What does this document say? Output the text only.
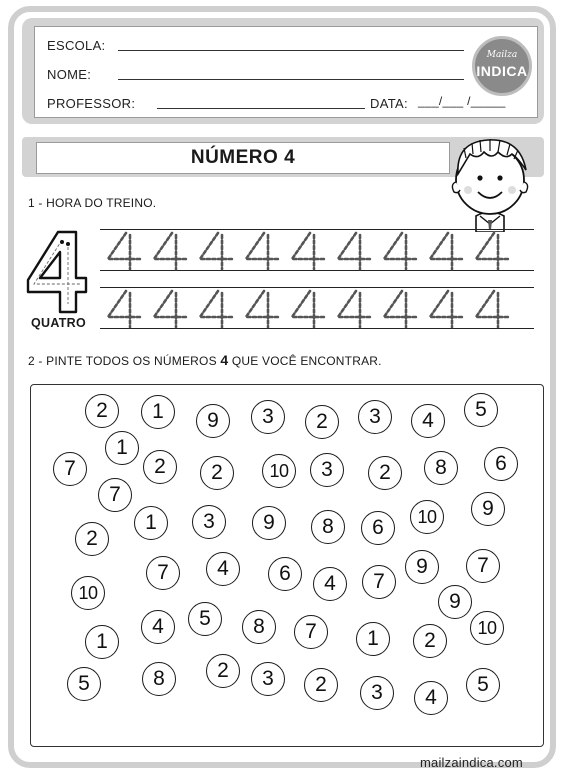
ESCOLA:
NOME:
PROFESSOR:	DATA: ___/___ /_____
Mailza
INDICA
NÚMERO 4
1 - HORA DO TREINO.
QUATRO
2 - PINTE TODOS OS NÚMEROS 4 QUE VOCÊ ENCONTRAR.
2	1	9	3	2	3	4	5
1
7	2	2	10	3	2	8	6
7
1	3	9	8	6	10	9
2
7	4	6	4	7
9	7
10	9
5
4	8	7	1	2
10
1
5	8	2	3	2	3	4
5
mailzaindica.com
